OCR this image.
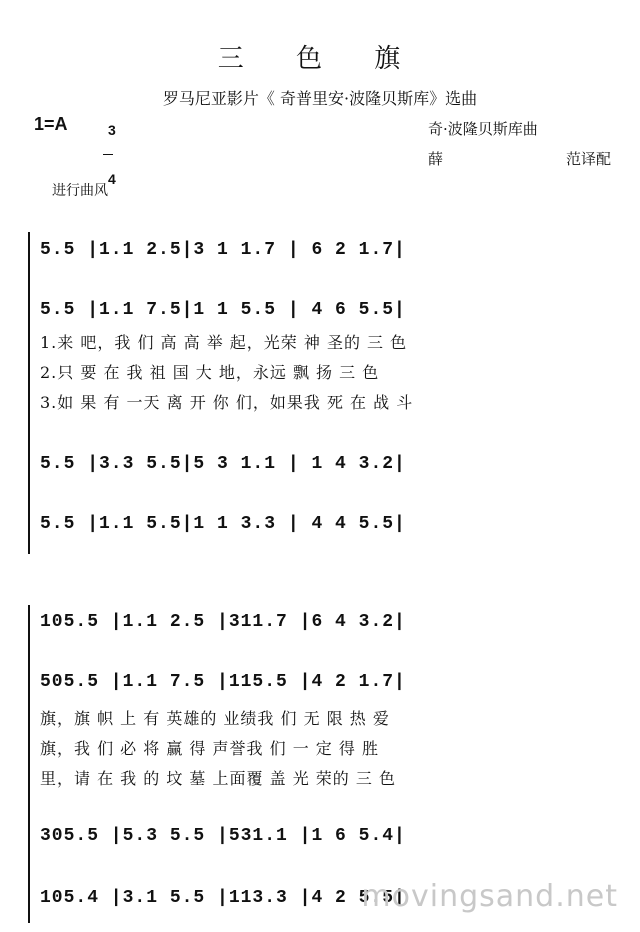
三 色 旗
罗马尼亚影片《 奇普里安·波隆贝斯库》选曲
1=A	3

4

奇·波隆贝斯库曲
薛	范译配
进行曲风
5.5 |1.1 2.5|3 1 1.7 | 6 2 1.7|
5.5 |1.1 7.5|1 1 5.5 | 4 6 5.5|
1.来 吧，我 们 高 高 举 起，光荣 神 圣的 三 色
2.只 要 在 我 祖 国 大 地，永远 飘 扬 三 色
3.如 果 有 一天 离 开 你 们，如果我 死 在 战 斗
5.5 |3.3 5.5|5 3 1.1 | 1 4 3.2|
5.5 |1.1 5.5|1 1 3.3 | 4 4 5.5|
105.5 |1.1 2.5 |311.7 |6 4 3.2|
505.5 |1.1 7.5 |115.5 |4 2 1.7|
旗，旗 帜 上 有 英雄的 业绩我 们 无 限 热 爱
旗，我 们 必 将 赢 得 声誉我 们 一 定 得 胜
里，请 在 我 的 坟 墓 上面覆 盖 光 荣的 三 色
305.5 |5.3 5.5 |531.1 |1 6 5.4|
105.4 |3.1 5.5 |113.3 |4 2 5.5|
movingsand.net
